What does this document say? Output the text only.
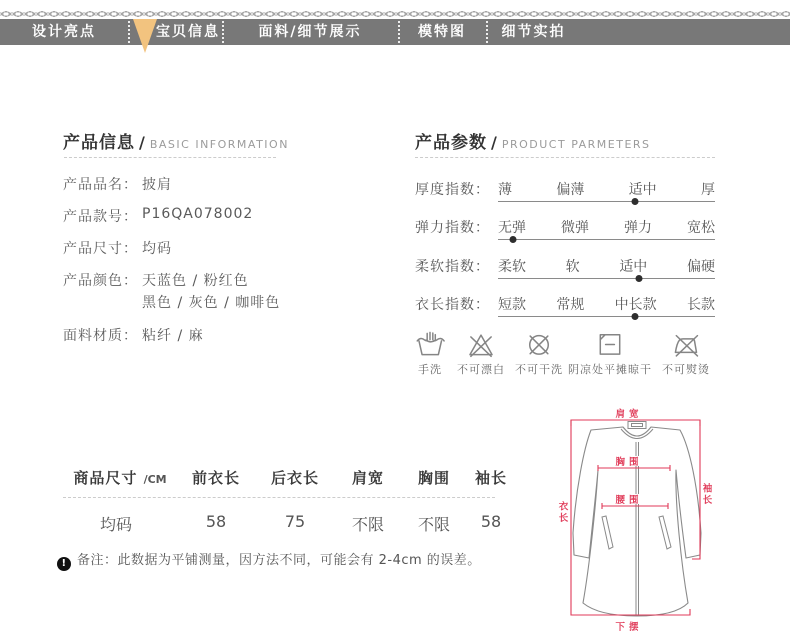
设计亮点	宝贝信息	面料/细节展示	模特图	细节实拍
产品信息 / BASIC INFORMATION
产品品名： 披肩
产品款号： P16QA078002
产品尺寸： 均码
产品颜色： 天蓝色 / 粉红色
黑色 / 灰色 / 咖啡色
面料材质： 粘纤 / 麻
产品参数 / PRODUCT PARMETERS
厚度指数： 薄	偏薄	适中	厚
弹力指数： 无弹	微弹	弹力	宽松
柔软指数： 柔软	软	适中	偏硬
衣长指数： 短款 常规 中长款 长款
手洗	不可漂白 不可干洗 阴凉处平摊晾干 不可熨烫
商品尺寸 /CM	前衣长	后衣长	肩宽	胸围	袖长
均码	58	75	不限	不限	58
! 备注：此数据为平铺测量，因方法不同，可能会有 2-4cm 的误差。
肩宽
胸围
腰围
下摆
衣长
袖长
